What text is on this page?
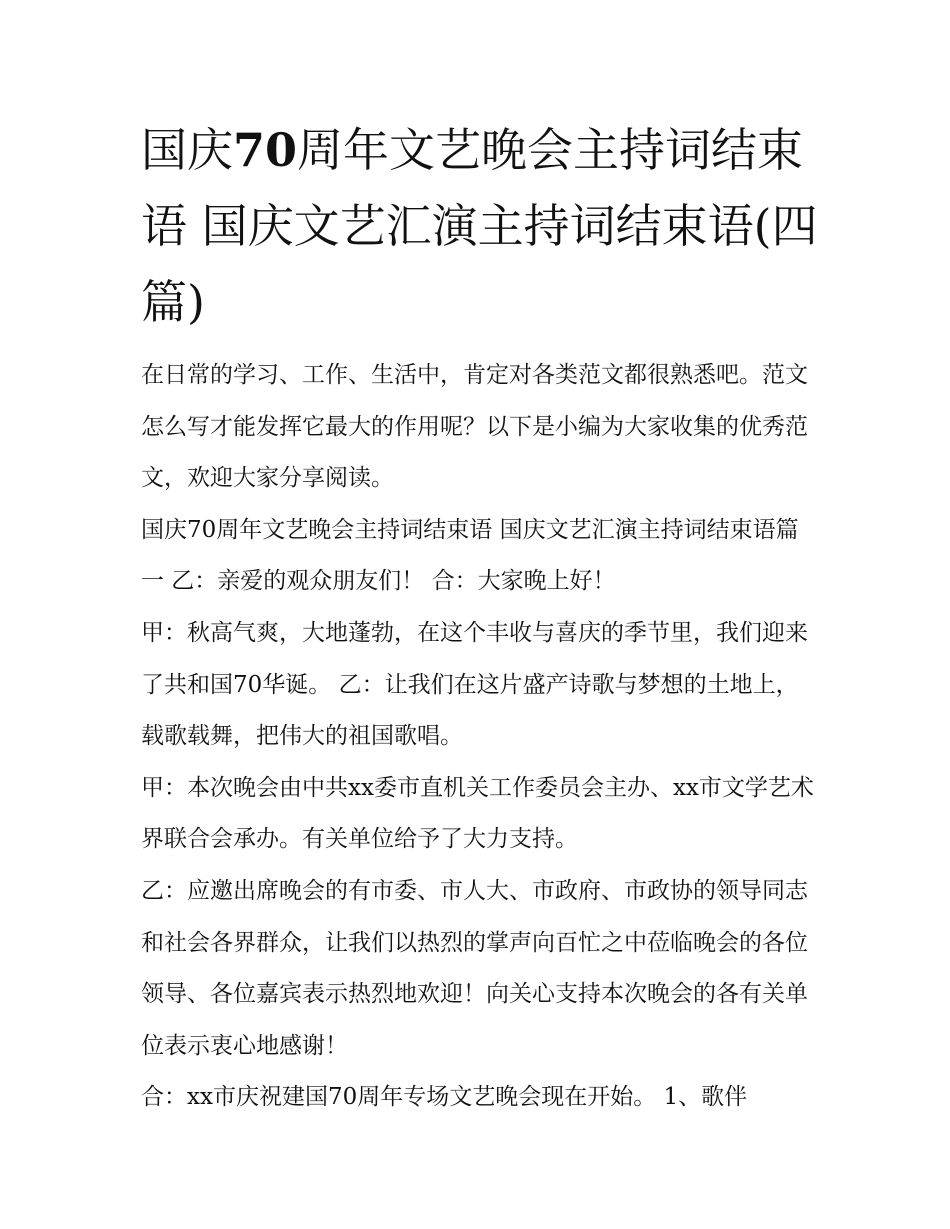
国庆70周年文艺晚会主持词结束语 国庆文艺汇演主持词结束语(四篇)

在日常的学习、工作、生活中，肯定对各类范文都很熟悉吧。范文怎么写才能发挥它最大的作用呢？以下是小编为大家收集的优秀范文，欢迎大家分享阅读。

国庆70周年文艺晚会主持词结束语 国庆文艺汇演主持词结束语篇一 乙：亲爱的观众朋友们！ 合：大家晚上好！

甲：秋高气爽，大地蓬勃，在这个丰收与喜庆的季节里，我们迎来了共和国70华诞。 乙：让我们在这片盛产诗歌与梦想的土地上，载歌载舞，把伟大的祖国歌唱。

甲：本次晚会由中共xx委市直机关工作委员会主办、xx市文学艺术界联合会承办。有关单位给予了大力支持。

乙：应邀出席晚会的有市委、市人大、市政府、市政协的领导同志和社会各界群众，让我们以热烈的掌声向百忙之中莅临晚会的各位领导、各位嘉宾表示热烈地欢迎！向关心支持本次晚会的各有关单位表示衷心地感谢！

合：xx市庆祝建国70周年专场文艺晚会现在开始。 1、歌伴
